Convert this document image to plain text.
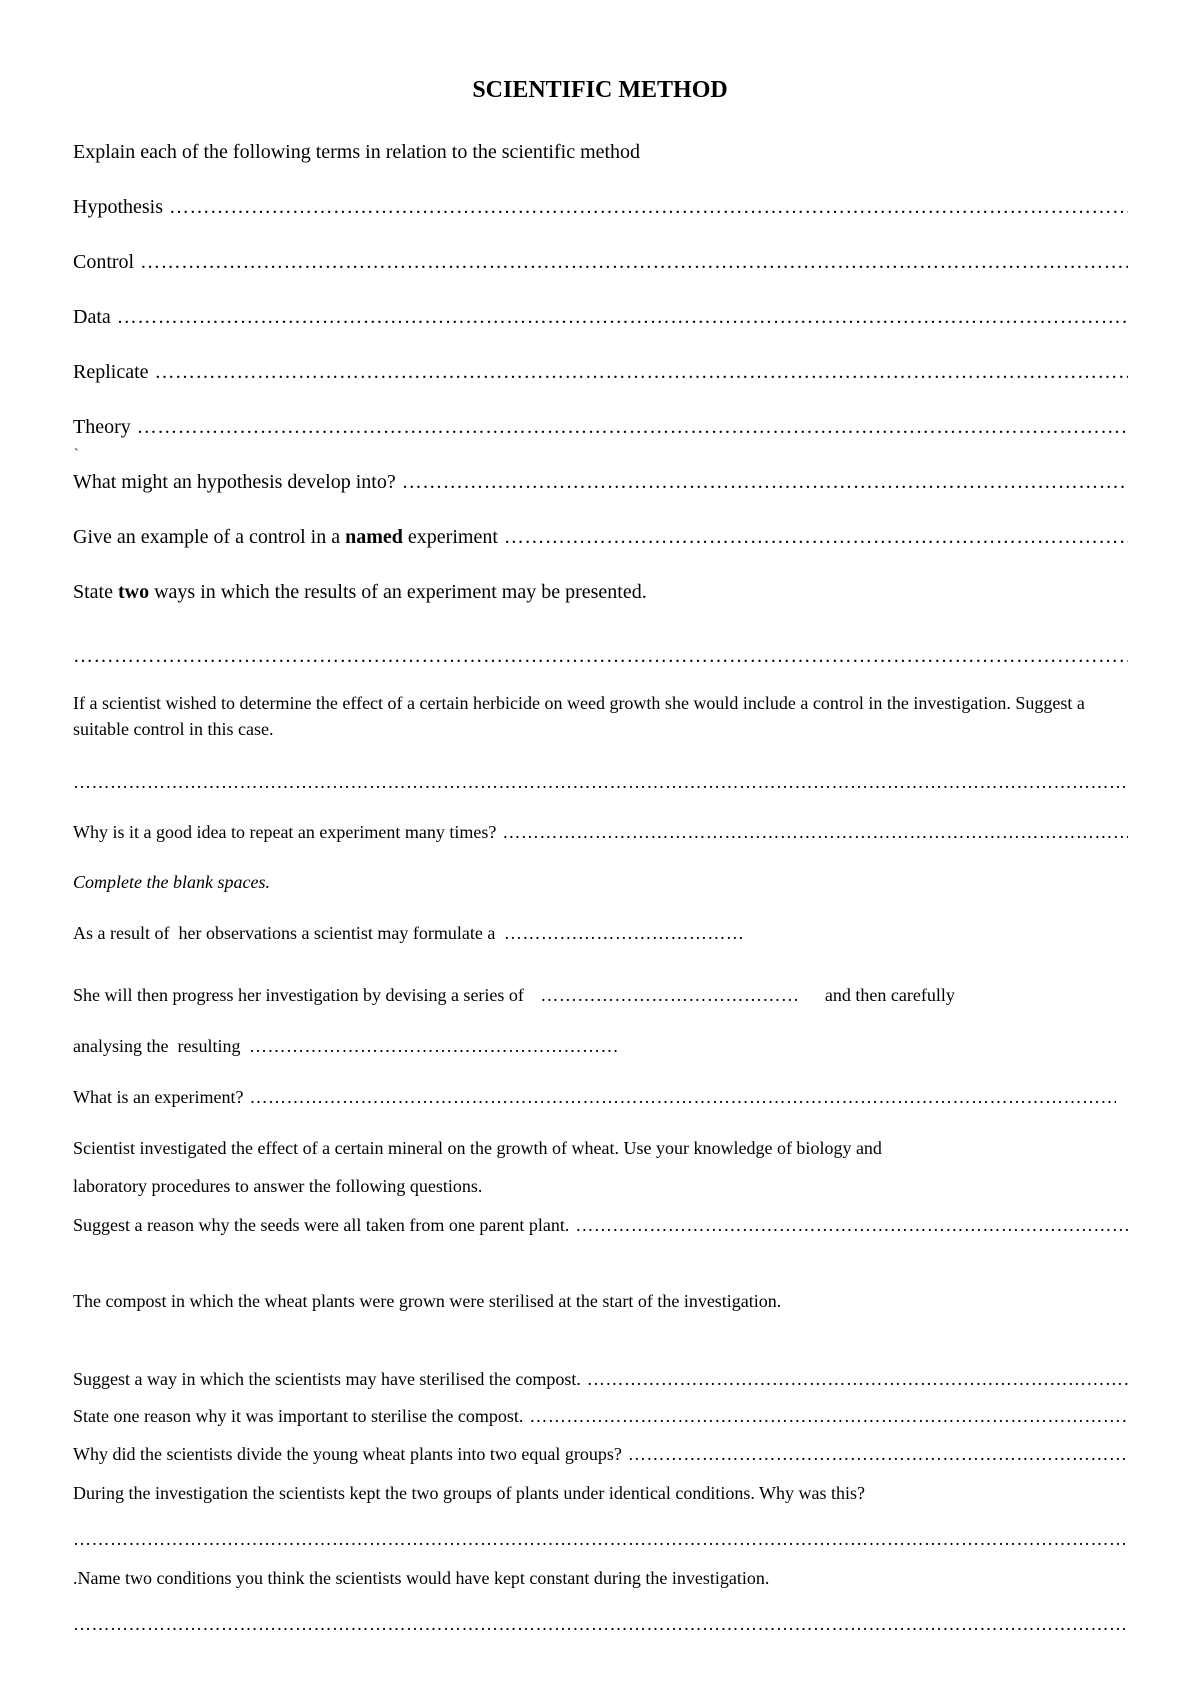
SCIENTIFIC METHOD
Explain each of the following terms in relation to the scientific method
Hypothesis
…………………………………………………………………………………………………………………………………………………………………………………………………………………………………………………
Control
…………………………………………………………………………………………………………………………………………………………………………………………………………………………………………………
Data
…………………………………………………………………………………………………………………………………………………………………………………………………………………………………………………
Replicate
…………………………………………………………………………………………………………………………………………………………………………………………………………………………………………………
Theory
…………………………………………………………………………………………………………………………………………………………………………………………………………………………………………………
`
What might an hypothesis develop into?
…………………………………………………………………………………………………………………………………………………………………………………………………………………………………………………
Give an example of a control in a named experiment
…………………………………………………………………………………………………………………………………………………………………………………………………………………………………………………
State two ways in which the results of an experiment may be presented.
…………………………………………………………………………………………………………………………………………………………………………………………………………………………………………………
If a scientist wished to determine the effect of a certain herbicide on weed growth she would include a control in the investigation. Suggest a suitable control in this case.
…………………………………………………………………………………………………………………………………………………………………………………………………………………………………………………
Why is it a good idea to repeat an experiment many times?
…………………………………………………………………………………………………………………………………………………………………………………………………………………………………………………
Complete the blank spaces.
As a result of  her observations a scientist may formulate a …………………………………………………………………………………………………………
She will then progress her investigation by devising a series of …………………………………………………………………………………………………………	and then carefully
analysing the  resulting …………………………………………………………………………………………………………
What is an experiment?
…………………………………………………………………………………………………………………………………………………………………………………………………………………………………………………
Scientist investigated the effect of a certain mineral on the growth of wheat. Use your knowledge of biology and
laboratory procedures to answer the following questions.
Suggest a reason why the seeds were all taken from one parent plant.
…………………………………………………………………………………………………………………………………………………………………………………………………………………………………………………
The compost in which the wheat plants were grown were sterilised at the start of the investigation.
Suggest a way in which the scientists may have sterilised the compost.
…………………………………………………………………………………………………………………………………………………………………………………………………………………………………………………
State one reason why it was important to sterilise the compost.
…………………………………………………………………………………………………………………………………………………………………………………………………………………………………………………
Why did the scientists divide the young wheat plants into two equal groups?
…………………………………………………………………………………………………………………………………………………………………………………………………………………………………………………
During the investigation the scientists kept the two groups of plants under identical conditions. Why was this?
…………………………………………………………………………………………………………………………………………………………………………………………………………………………………………………
.Name two conditions you think the scientists would have kept constant during the investigation.
…………………………………………………………………………………………………………………………………………………………………………………………………………………………………………………
